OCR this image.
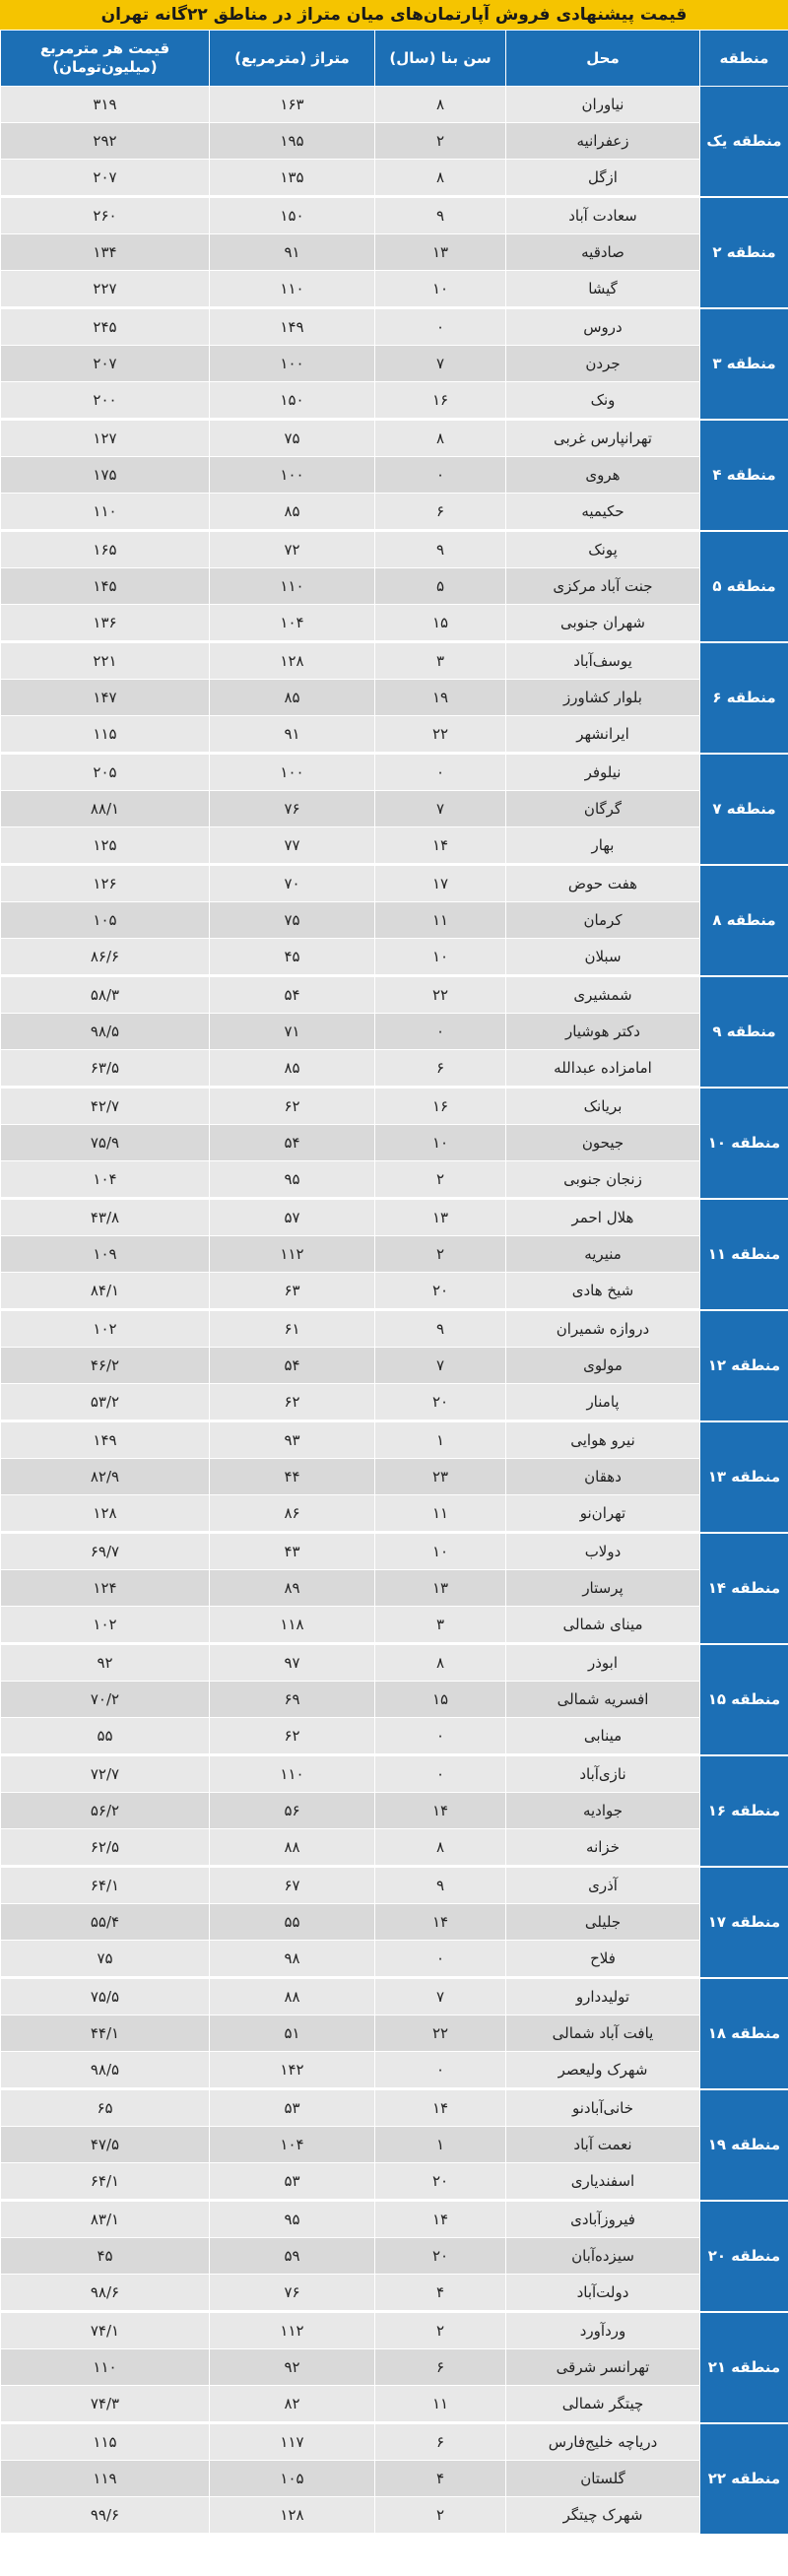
قیمت پیشنهادی فروش آپارتمان‌های میان متراژ در مناطق ۲۲گانه تهران
منطقه	محل	سن بنا (سال)	متراژ (مترمربع)	قیمت هر مترمربع
(میلیون‌تومان)

منطقه یک	نیاوران	۸	۱۶۳	۳۱۹
	زعفرانیه	۲	۱۹۵	۲۹۲
	ازگل	۸	۱۳۵	۲۰۷
منطقه ۲	سعادت آباد	۹	۱۵۰	۲۶۰
	صادقیه	۱۳	۹۱	۱۳۴
	گیشا	۱۰	۱۱۰	۲۲۷
منطقه ۳	دروس	۰	۱۴۹	۲۴۵
	جردن	۷	۱۰۰	۲۰۷
	ونک	۱۶	۱۵۰	۲۰۰
منطقه ۴	تهرانپارس غربی	۸	۷۵	۱۲۷
	هروی	۰	۱۰۰	۱۷۵
	حکیمیه	۶	۸۵	۱۱۰
منطقه ۵	پونک	۹	۷۲	۱۶۵
	جنت آباد مرکزی	۵	۱۱۰	۱۴۵
	شهران جنوبی	۱۵	۱۰۴	۱۳۶
منطقه ۶	یوسف‌آباد	۳	۱۲۸	۲۲۱
	بلوار کشاورز	۱۹	۸۵	۱۴۷
	ایرانشهر	۲۲	۹۱	۱۱۵
منطقه ۷	نیلوفر	۰	۱۰۰	۲۰۵
	گرگان	۷	۷۶	۸۸/۱
	بهار	۱۴	۷۷	۱۲۵
منطقه ۸	هفت حوض	۱۷	۷۰	۱۲۶
	کرمان	۱۱	۷۵	۱۰۵
	سبلان	۱۰	۴۵	۸۶/۶
منطقه ۹	شمشیری	۲۲	۵۴	۵۸/۳
	دکتر هوشیار	۰	۷۱	۹۸/۵
	امامزاده عبدالله	۶	۸۵	۶۳/۵
منطقه ۱۰	بریانک	۱۶	۶۲	۴۲/۷
	جیحون	۱۰	۵۴	۷۵/۹
	زنجان جنوبی	۲	۹۵	۱۰۴
منطقه ۱۱	هلال احمر	۱۳	۵۷	۴۳/۸
	منیریه	۲	۱۱۲	۱۰۹
	شیخ هادی	۲۰	۶۳	۸۴/۱
منطقه ۱۲	دروازه شمیران	۹	۶۱	۱۰۲
	مولوی	۷	۵۴	۴۶/۲
	پامنار	۲۰	۶۲	۵۳/۲
منطقه ۱۳	نیرو هوایی	۱	۹۳	۱۴۹
	دهقان	۲۳	۴۴	۸۲/۹
	تهران‌نو	۱۱	۸۶	۱۲۸
منطقه ۱۴	دولاب	۱۰	۴۳	۶۹/۷
	پرستار	۱۳	۸۹	۱۲۴
	مینای شمالی	۳	۱۱۸	۱۰۲
منطقه ۱۵	ابوذر	۸	۹۷	۹۲
	افسریه شمالی	۱۵	۶۹	۷۰/۲
	مینابی	۰	۶۲	۵۵
منطقه ۱۶	نازی‌آباد	۰	۱۱۰	۷۲/۷
	جوادیه	۱۴	۵۶	۵۶/۲
	خزانه	۸	۸۸	۶۲/۵
منطقه ۱۷	آذری	۹	۶۷	۶۴/۱
	جلیلی	۱۴	۵۵	۵۵/۴
	فلاح	۰	۹۸	۷۵
منطقه ۱۸	تولیددارو	۷	۸۸	۷۵/۵
	یافت آباد شمالی	۲۲	۵۱	۴۴/۱
	شهرک ولیعصر	۰	۱۴۲	۹۸/۵
منطقه ۱۹	خانی‌آبادنو	۱۴	۵۳	۶۵
	نعمت آباد	۱	۱۰۴	۴۷/۵
	اسفندیاری	۲۰	۵۳	۶۴/۱
منطقه ۲۰	فیروزآبادی	۱۴	۹۵	۸۳/۱
	سیزده‌آبان	۲۰	۵۹	۴۵
	دولت‌آباد	۴	۷۶	۹۸/۶
منطقه ۲۱	وردآورد	۲	۱۱۲	۷۴/۱
	تهرانسر شرقی	۶	۹۲	۱۱۰
	چیتگر شمالی	۱۱	۸۲	۷۴/۳
منطقه ۲۲	دریاچه خلیج‌فارس	۶	۱۱۷	۱۱۵
	گلستان	۴	۱۰۵	۱۱۹
	شهرک چیتگر	۲	۱۲۸	۹۹/۶
